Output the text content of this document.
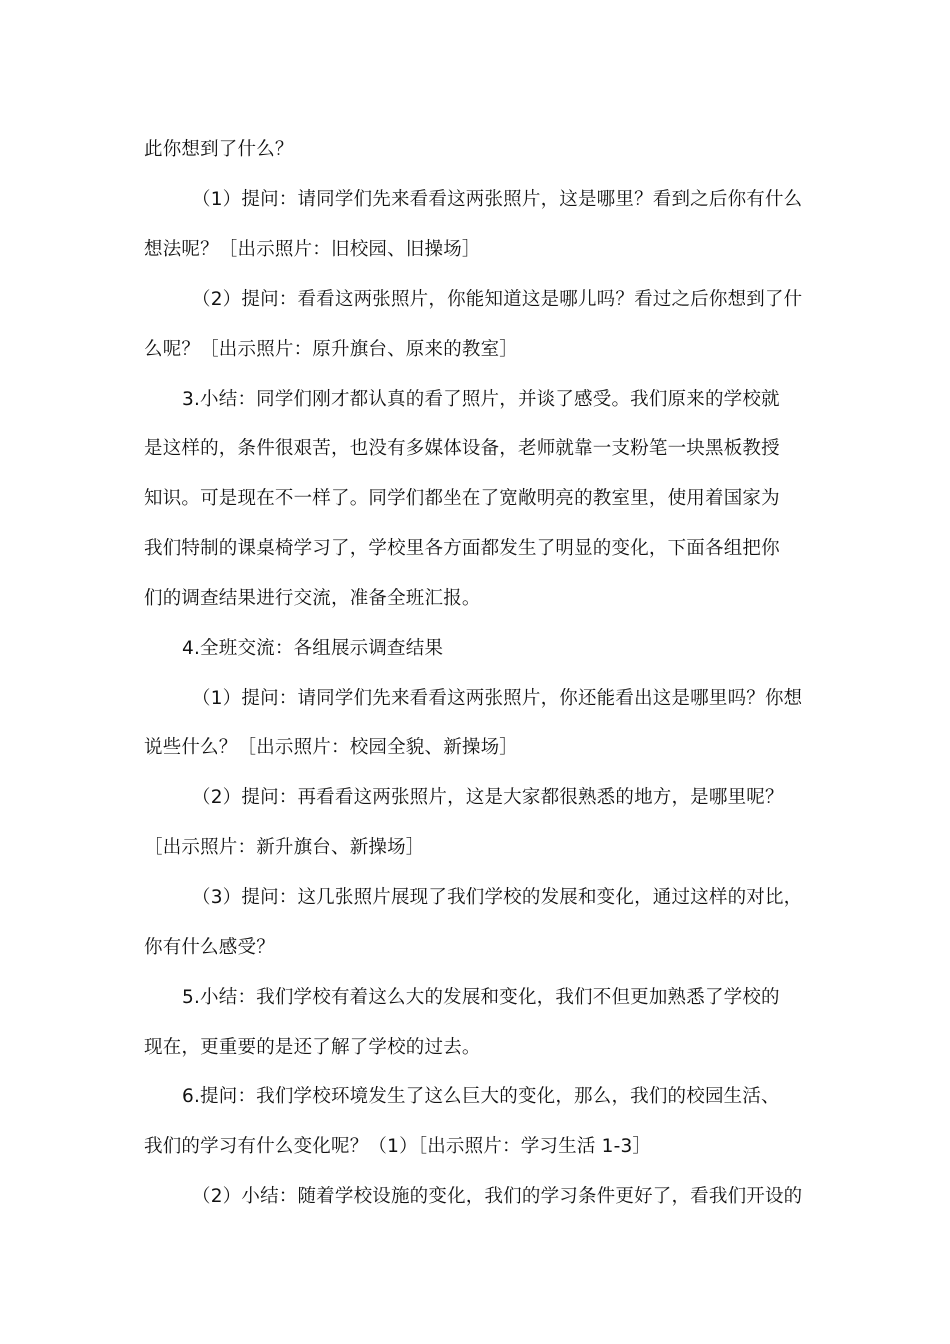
此你想到了什么？
（1）提问：请同学们先来看看这两张照片，这是哪里？看到之后你有什么
想法呢？［出示照片：旧校园、旧操场］
（2）提问：看看这两张照片，你能知道这是哪儿吗？看过之后你想到了什
么呢？［出示照片：原升旗台、原来的教室］
3.小结：同学们刚才都认真的看了照片，并谈了感受。我们原来的学校就
是这样的，条件很艰苦，也没有多媒体设备，老师就靠一支粉笔一块黑板教授
知识。可是现在不一样了。同学们都坐在了宽敞明亮的教室里，使用着国家为
我们特制的课桌椅学习了，学校里各方面都发生了明显的变化，下面各组把你
们的调查结果进行交流，准备全班汇报。
4.全班交流：各组展示调查结果
（1）提问：请同学们先来看看这两张照片，你还能看出这是哪里吗？你想
说些什么？［出示照片：校园全貌、新操场］
（2）提问：再看看这两张照片，这是大家都很熟悉的地方，是哪里呢？
［出示照片：新升旗台、新操场］
（3）提问：这几张照片展现了我们学校的发展和变化，通过这样的对比，
你有什么感受？
5.小结：我们学校有着这么大的发展和变化，我们不但更加熟悉了学校的
现在，更重要的是还了解了学校的过去。
6.提问：我们学校环境发生了这么巨大的变化，那么，我们的校园生活、
我们的学习有什么变化呢？（1）［出示照片：学习生活 1-3］
（2）小结：随着学校设施的变化，我们的学习条件更好了，看我们开设的
